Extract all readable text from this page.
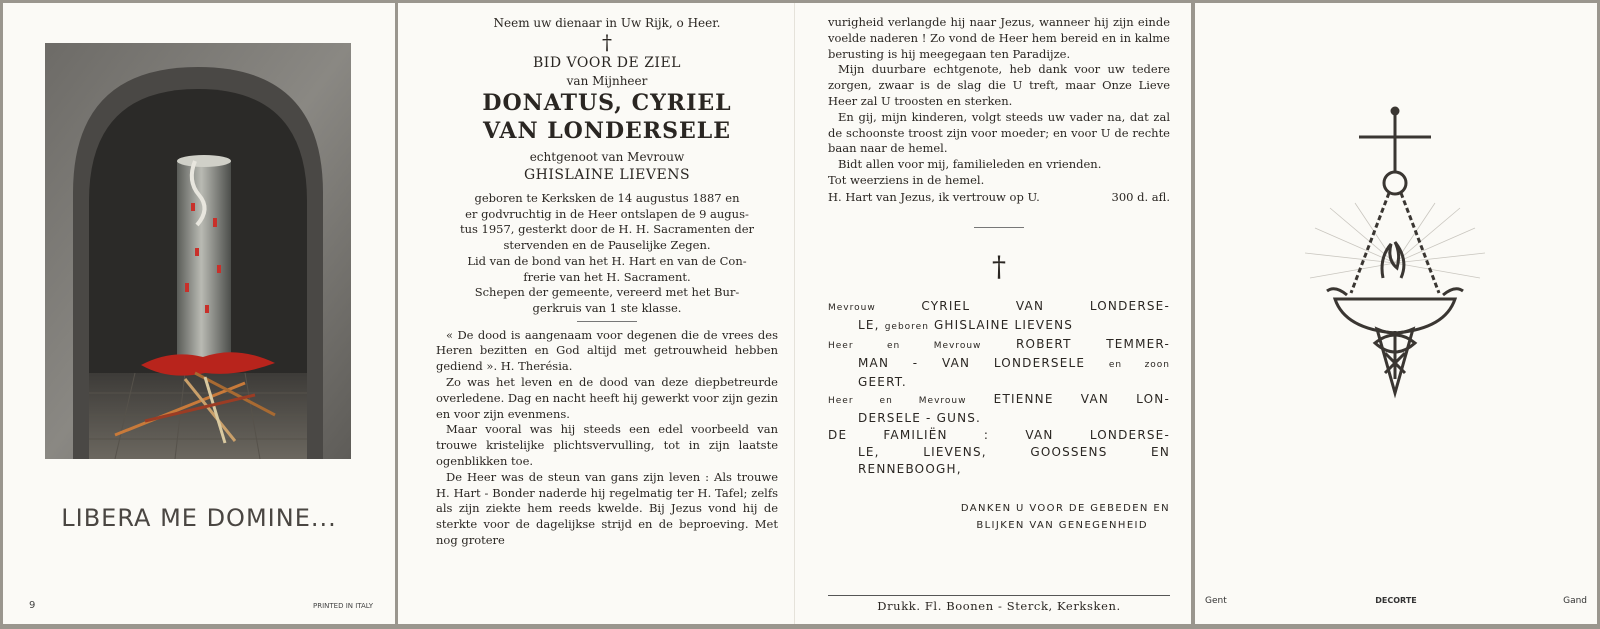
LIBERA ME DOMINE...
9	PRINTED IN ITALY
Neem uw dienaar in Uw Rijk, o Heer.
†
BID VOOR DE ZIEL
van Mijnheer
DONATUS, CYRIEL
VAN LONDERSELE
echtgenoot van Mevrouw
GHISLAINE LIEVENS
geboren te Kerksken de 14 augustus 1887 en
er godvruchtig in de Heer ontslapen de 9 augus-
tus 1957, gesterkt door de H. H. Sacramenten der
stervenden en de Pauselijke Zegen.
Lid van de bond van het H. Hart en van de Con-
frerie van het H. Sacrament.
Schepen der gemeente, vereerd met het Bur-
gerkruis van 1 ste klasse.

« De dood is aangenaam voor degenen die de vrees des Heren bezitten en God altijd met getrouwheid hebben gediend ». H. Therésia.

Zo was het leven en de dood van deze diepbetreurde overledene. Dag en nacht heeft hij gewerkt voor zijn gezin en voor zijn evenmens.

Maar vooral was hij steeds een edel voorbeeld van trouwe kristelijke plichtsvervulling, tot in zijn laatste ogenblikken toe.

De Heer was de steun van gans zijn leven : Als trouwe H. Hart - Bonder naderde hij regelmatig ter H. Tafel; zelfs als zijn ziekte hem reeds kwelde. Bij Jezus vond hij de sterkte voor de dagelijkse strijd en de beproeving. Met nog grotere

vurigheid verlangde hij naar Jezus, wanneer hij zijn einde voelde naderen ! Zo vond de Heer hem bereid en in kalme berusting is hij meegegaan ten Paradijze.

Mijn duurbare echtgenote, heb dank voor uw tedere zorgen, zwaar is de slag die U treft, maar Onze Lieve Heer zal U troosten en sterken.

En gij, mijn kinderen, volgt steeds uw vader na, dat zal de schoonste troost zijn voor moeder; en voor U de rechte baan naar de hemel.

Bidt allen voor mij, familieleden en vrienden.

Tot weerziens in de hemel.

H. Hart van Jezus, ik vertrouw op U.	300 d. afl.
†

Mevrouw	CYRIEL VAN LONDERSE-

LE, geboren GHISLAINE LIEVENS

Heer en Mevrouw	ROBERT TEMMER-

MAN - VAN LONDERSELE	en zoon

GEERT.

Heer en Mevrouw ETIENNE VAN LON-

DERSELE - GUNS.

DE FAMILIËN : VAN LONDERSE-

LE, LIEVENS, GOOSSENS EN

RENNEBOOGH,

DANKEN U VOOR DE GEBEDEN EN
BLIJKEN VAN GENEGENHEID
Drukk. Fl. Boonen - Sterck, Kerksken.	Gent	DECORTE	Gand
